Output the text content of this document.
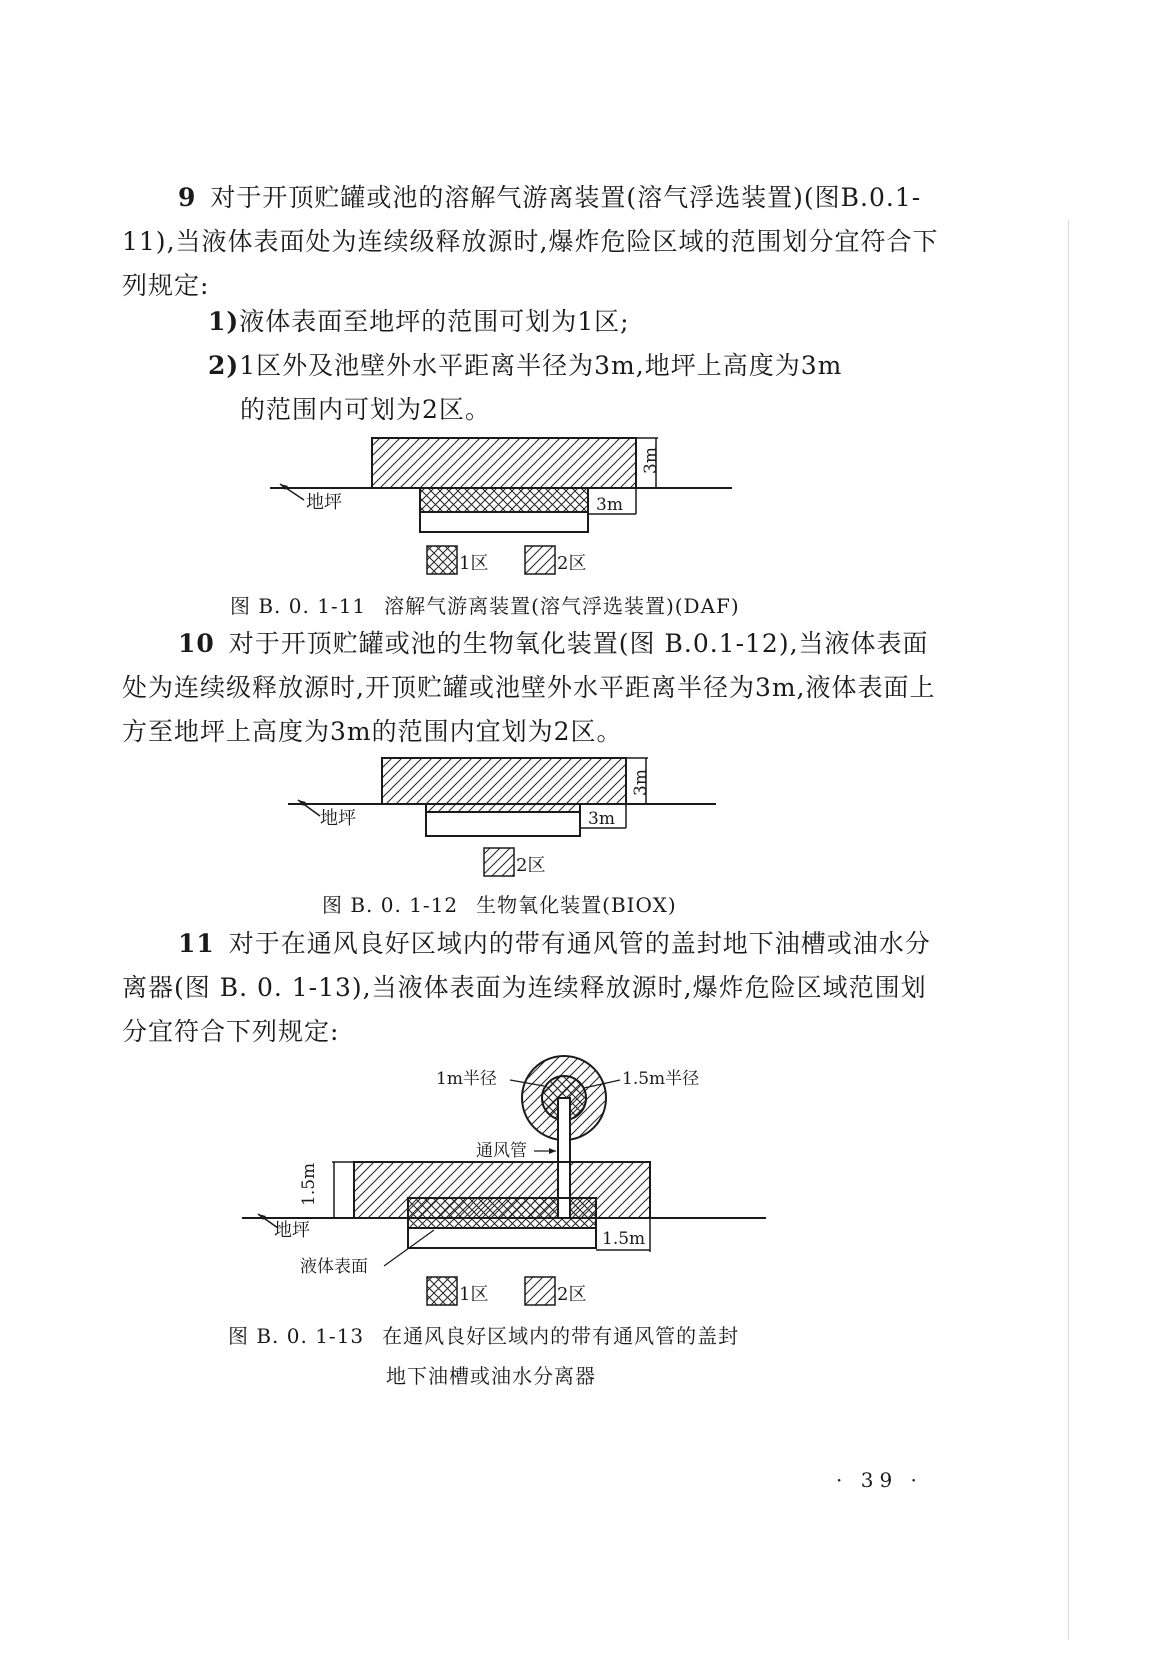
9 对于开顶贮罐或池的溶解气游离装置(溶气浮选装置)(图B.0.1-11),当液体表面处为连续级释放源时,爆炸危险区域的范围划分宜符合下列规定:

1)液体表面至地坪的范围可划为1区;

2)1区外及池壁外水平距离半径为3m,地坪上高度为3m

的范围内可划为2区。
地坪
3m
3m
1区	2区
图 B. 0. 1-11 溶解气游离装置(溶气浮选装置)(DAF)

10 对于开顶贮罐或池的生物氧化装置(图 B.0.1-12),当液体表面处为连续级释放源时,开顶贮罐或池壁外水平距离半径为3m,液体表面上方至地坪上高度为3m的范围内宜划为2区。

地坪
3m
3m
2区
图 B. 0. 1-12 生物氧化装置(BIOX)

11 对于在通风良好区域内的带有通风管的盖封地下油槽或油水分离器(图 B. 0. 1-13),当液体表面为连续释放源时,爆炸危险区域范围划分宜符合下列规定:

1m半径	1.5m半径
通风管
1.5m
地坪	1.5m
液体表面
1区	2区
图 B. 0. 1-13 在通风良好区域内的带有通风管的盖封
地下油槽或油水分离器
· 39 ·
